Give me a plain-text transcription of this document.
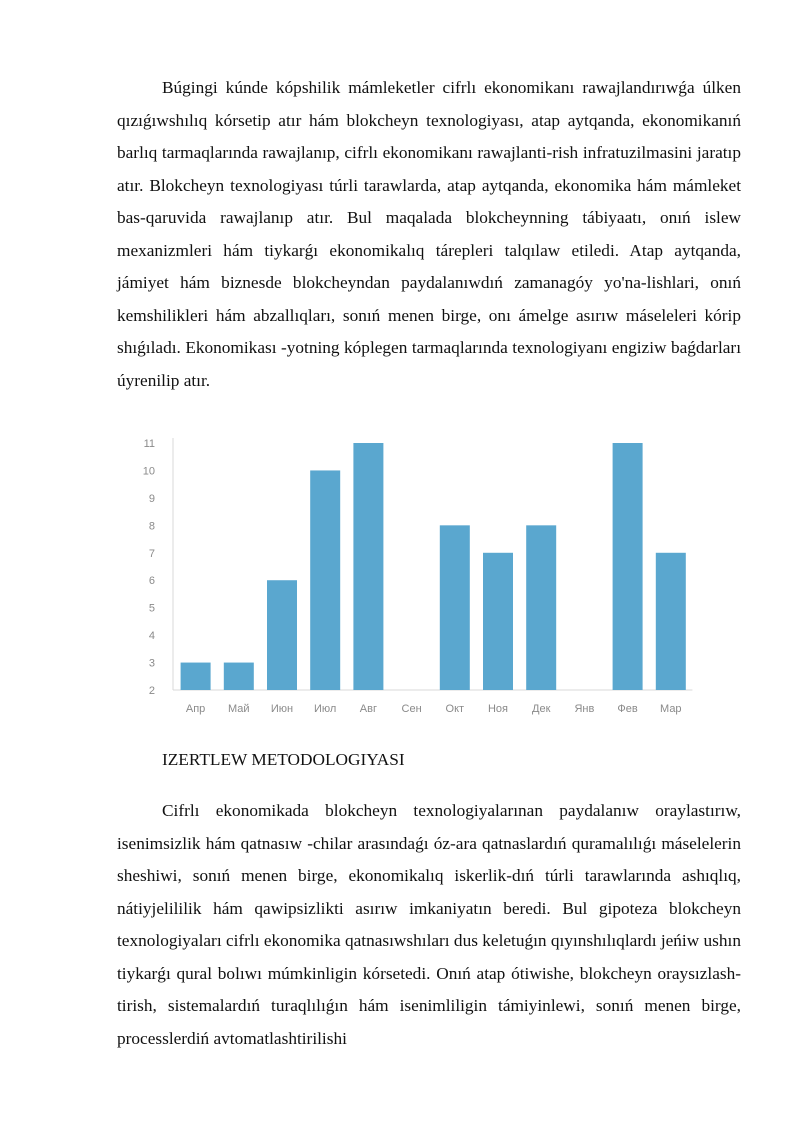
Búgingi kúnde kópshilik mámleketler cifrlı ekonomikanı rawajlandırıwǵa úlken qızıǵıwshılıq kórsetip atır hám blokcheyn texnologiyası, atap aytqanda, ekonomikanıń barlıq tarmaqlarında rawajlanıp, cifrlı ekonomikanı rawajlanti-rish infratuzilmasini jaratıp atır. Blokcheyn texnologiyası túrli tarawlarda, atap aytqanda, ekonomika hám mámleket bas-qaruvida rawajlanıp atır. Bul maqalada blokcheynning tábiyaatı, onıń islew mexanizmleri hám tiykarǵı ekonomikalıq tárepleri talqılaw etiledi. Atap aytqanda, jámiyet hám biznesde blokcheyndan paydalanıwdıń zamanagóy yo'na-lishlari, onıń kemshilikleri hám abzallıqları, sonıń menen birge, onı ámelge asırıw máseleleri kórip shıǵıladı. Ekonomikası -yotning kóplegen tarmaqlarında texnologiyanı engiziw baǵdarları úyrenilip atır.

2
3
4
5
6
7
8
9
10
11
Апр Май Июн Июл Авг Сен Окт Ноя Дек Янв Фев Мар

IZERTLEW METODOLOGIYASI

Cifrlı ekonomikada blokcheyn texnologiyalarınan paydalanıw oraylastırıw, isenimsizlik hám qatnasıw -chilar arasındaǵı óz-ara qatnaslardıń quramalılıǵı máselelerin sheshiwi, sonıń menen birge, ekonomikalıq iskerlik-dıń túrli tarawlarında ashıqlıq, nátiyjelililik hám qawipsizlikti asırıw imkaniyatın beredi. Bul gipoteza blokcheyn texnologiyaları cifrlı ekonomika qatnasıwshıları dus keletuǵın qıyınshılıqlardı jeńiw ushın tiykarǵı qural bolıwı múmkinligin kórsetedi. Onıń atap ótiwishe, blokcheyn oraysızlash-tirish, sistemalardıń turaqlılıǵın hám isenimliligin támiyinlewi, sonıń menen birge, processlerdiń avtomatlashtirilishi
